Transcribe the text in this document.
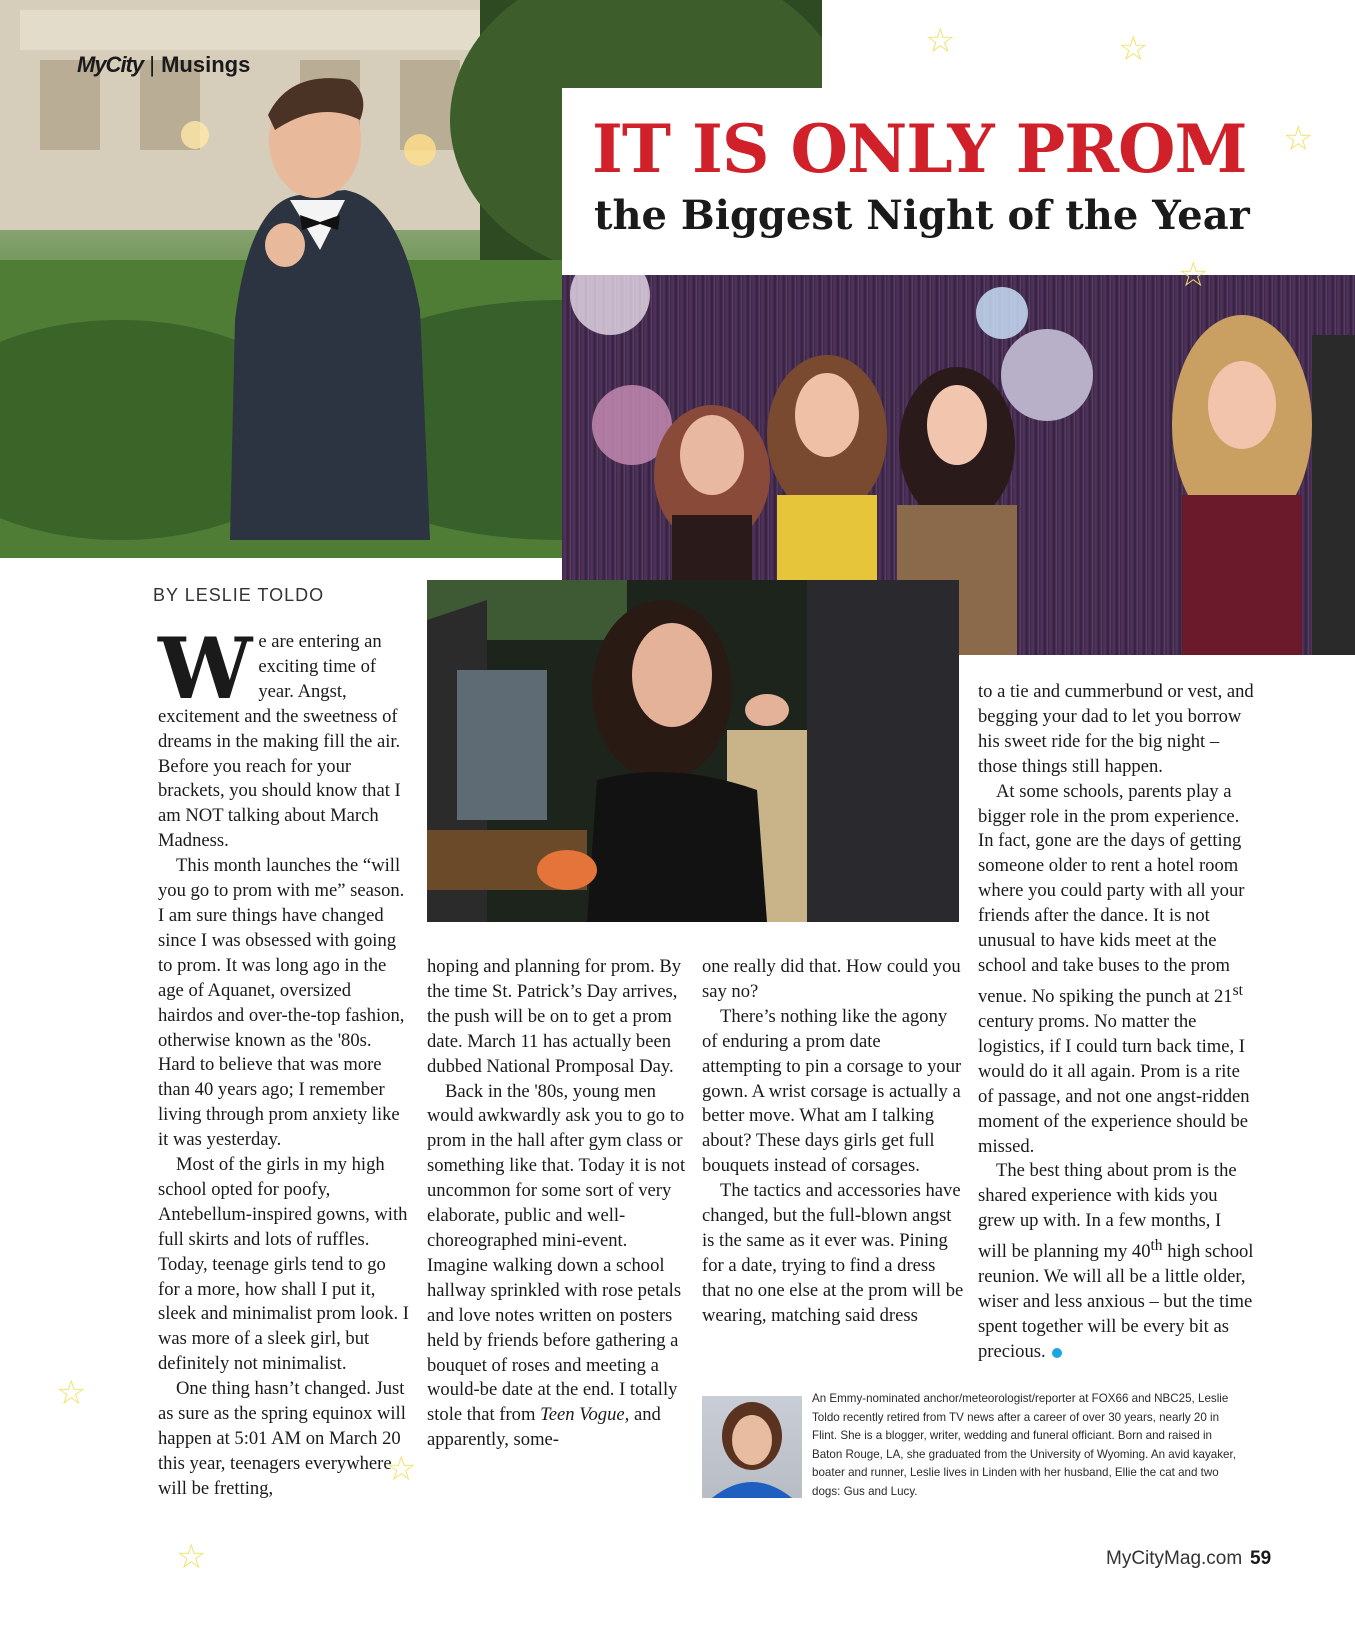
MyCity | Musings
IT IS ONLY PROM
the Biggest Night of the Year
BY LESLIE TOLDO

We are entering an exciting time of year. Angst, excitement and the sweetness of dreams in the making fill the air. Before you reach for your brackets, you should know that I am NOT talking about March Madness.

This month launches the “will you go to prom with me” season. I am sure things have changed since I was obsessed with going to prom. It was long ago in the age of Aquanet, oversized hairdos and over-the-top fashion, otherwise known as the '80s. Hard to believe that was more than 40 years ago; I remember living through prom anxiety like it was yesterday.

Most of the girls in my high school opted for poofy, Antebellum-inspired gowns, with full skirts and lots of ruffles. Today, teenage girls tend to go for a more, how shall I put it, sleek and minimalist prom look. I was more of a sleek girl, but definitely not minimalist.

One thing hasn’t changed. Just as sure as the spring equinox will happen at 5:01 AM on March 20 this year, teenagers everywhere will be fretting,

hoping and planning for prom. By the time St. Patrick’s Day arrives, the push will be on to get a prom date. March 11 has actually been dubbed National Promposal Day.

Back in the '80s, young men would awkwardly ask you to go to prom in the hall after gym class or something like that. Today it is not uncommon for some sort of very elaborate, public and well-choreographed mini-event. Imagine walking down a school hallway sprinkled with rose petals and love notes written on posters held by friends before gathering a bouquet of roses and meeting a would-be date at the end. I totally stole that from Teen Vogue, and apparently, some-

one really did that. How could you say no?

There’s nothing like the agony of enduring a prom date attempting to pin a corsage to your gown. A wrist corsage is actually a better move. What am I talking about? These days girls get full bouquets instead of corsages.

The tactics and accessories have changed, but the full-blown angst is the same as it ever was. Pining for a date, trying to find a dress that no one else at the prom will be wearing, matching said dress

to a tie and cummerbund or vest, and begging your dad to let you borrow his sweet ride for the big night – those things still happen.

At some schools, parents play a bigger role in the prom experience. In fact, gone are the days of getting someone older to rent a hotel room where you could party with all your friends after the dance. It is not unusual to have kids meet at the school and take buses to the prom venue. No spiking the punch at 21st century proms. No matter the logistics, if I could turn back time, I would do it all again. Prom is a rite of passage, and not one angst-ridden moment of the experience should be missed.

The best thing about prom is the shared experience with kids you grew up with. In a few months, I will be planning my 40th high school reunion. We will all be a little older, wiser and less anxious – but the time spent together will be every bit as precious.

An Emmy-nominated anchor/meteorologist/reporter at FOX66 and NBC25, Leslie Toldo recently retired from TV news after a career of over 30 years, nearly 20 in Flint. She is a blogger, writer, wedding and funeral officiant. Born and raised in Baton Rouge, LA, she graduated from the University of Wyoming. An avid kayaker, boater and runner, Leslie lives in Linden with her husband, Ellie the cat and two dogs: Gus and Lucy.
MyCityMag.com 59
☆	☆
☆
☆
☆
☆
☆
